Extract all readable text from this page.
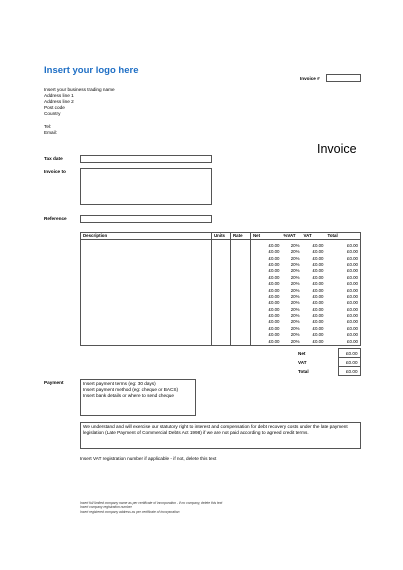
Insert your logo here
Invoice #
Insert your business trading name
Address line 1
Address line 2
Post code
Country
Tel:
Email:
Invoice
Tax date
Invoice to
Reference
Description	Units	Rate	Net	%VAT	VAT	Total

			£0.00	20%	£0.00	£0.00
			£0.00	20%	£0.00	£0.00
			£0.00	20%	£0.00	£0.00
			£0.00	20%	£0.00	£0.00
			£0.00	20%	£0.00	£0.00
			£0.00	20%	£0.00	£0.00
			£0.00	20%	£0.00	£0.00
			£0.00	20%	£0.00	£0.00
			£0.00	20%	£0.00	£0.00
			£0.00	20%	£0.00	£0.00
			£0.00	20%	£0.00	£0.00
			£0.00	20%	£0.00	£0.00
			£0.00	20%	£0.00	£0.00
			£0.00	20%	£0.00	£0.00
			£0.00	20%	£0.00	£0.00
			£0.00	20%	£0.00	£0.00
Net	£0.00
VAT	£0.00
Total	£0.00
Payment	Insert payment terms (eg: 30 days)
Insert payment method (eg: cheque or BACS)
Insert bank details or where to send cheque
We understand and will exercise our statutory right to interest and compensation for debt recovery costs under the late payment legislation (Late Payment of Commercial Debts Act 1998) if we are not paid according to agreed credit terms.
Insert VAT registration number if applicable - if not, delete this text
Insert full limited company name as per certificate of incorporation - if no company, delete this text
Insert company registration number
Insert registered company address as per certificate of incorporation
